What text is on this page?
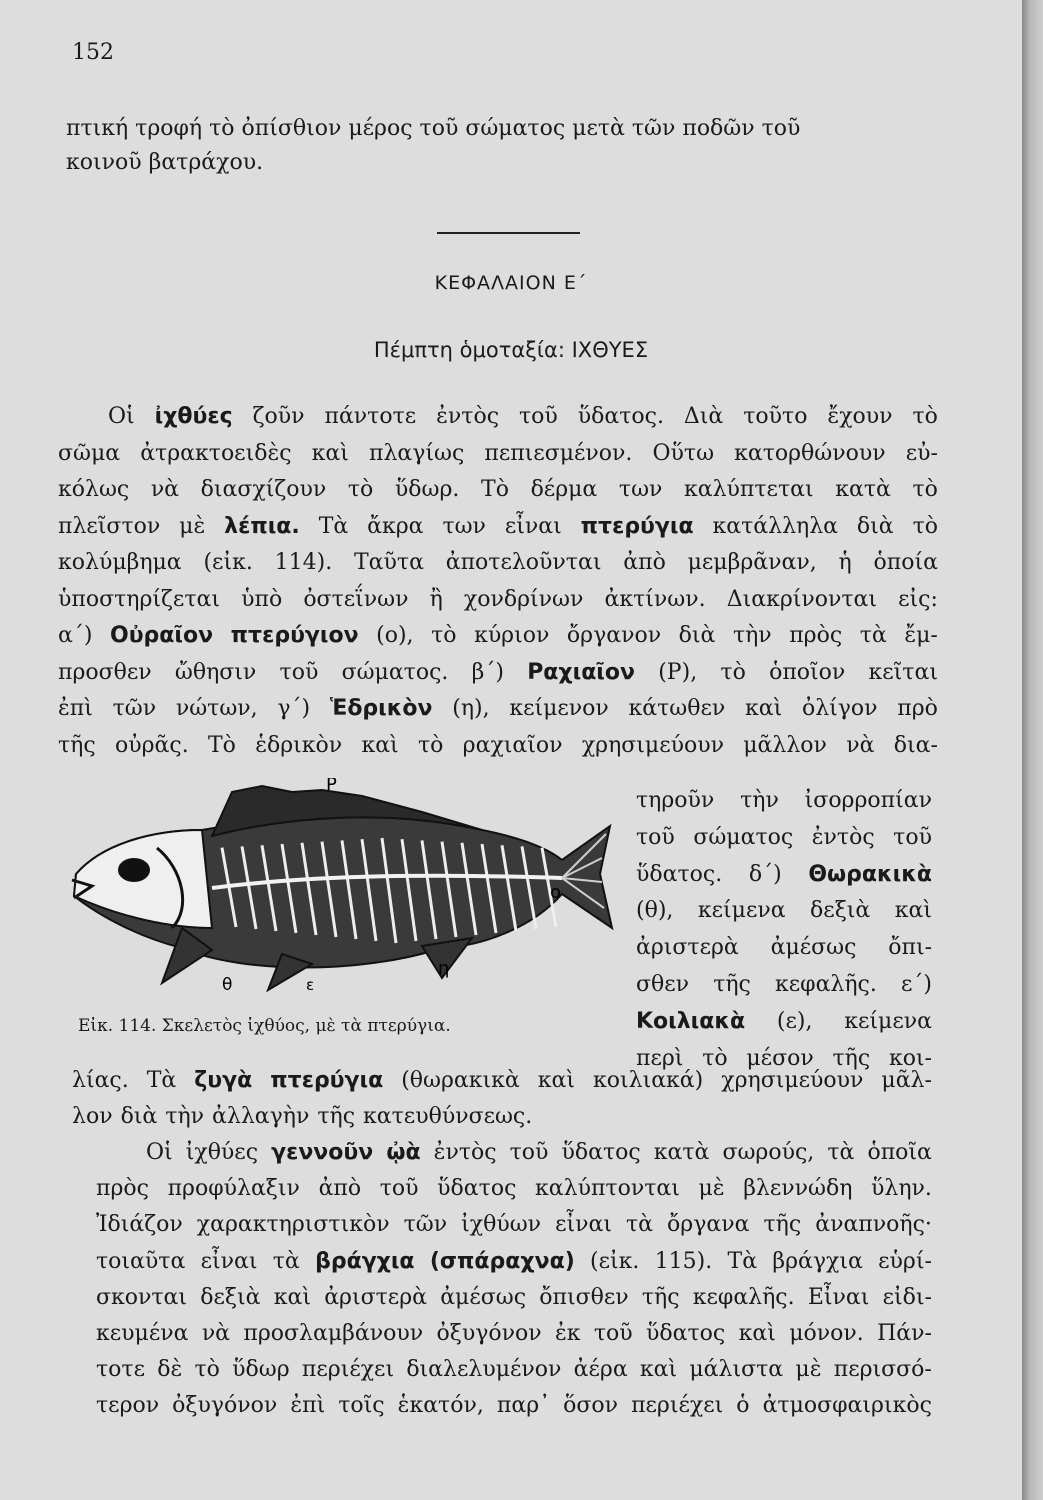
152
πτική τροφή τὸ ὀπίσθιον μέρος τοῦ σώματος μετὰ τῶν ποδῶν τοῦ
κοινοῦ βατράχου.
ΚΕΦΑΛΑΙΟΝ Ε΄
Πέμπτη ὁμοταξία: ΙΧΘΥΕΣ
Οἱ ἰχθύες ζοῦν πάντοτε ἐντὸς τοῦ ὕδατος. Διὰ τοῦτο ἔχουν τὸ
σῶμα ἀτρακτοειδὲς καὶ πλαγίως πεπιεσμένον. Οὕτω κατορθώνουν εὐ-
κόλως νὰ διασχίζουν τὸ ὕδωρ. Τὸ δέρμα των καλύπτεται κατὰ τὸ
πλεῖστον μὲ λέπια. Τὰ ἄκρα των εἶναι πτερύγια κατάλληλα διὰ τὸ
κολύμβημα (εἰκ. 114). Ταῦτα ἀποτελοῦνται ἀπὸ μεμβρᾶναν, ἡ ὁποία
ὑποστηρίζεται ὑπὸ ὀστεΐνων ἢ χονδρίνων ἀκτίνων. Διακρίνονται εἰς:
α΄) Οὐραῖον πτερύγιον (ο), τὸ κύριον ὄργανον διὰ τὴν πρὸς τὰ ἔμ-
προσθεν ὤθησιν τοῦ σώματος. β΄) Ραχιαῖον (Ρ), τὸ ὁποῖον κεῖται
ἐπὶ τῶν νώτων, γ΄) Ἑδρικὸν (η), κείμενον κάτωθεν καὶ ὀλίγον πρὸ
τῆς οὐρᾶς. Τὸ ἑδρικὸν καὶ τὸ ραχιαῖον χρησιμεύουν μᾶλλον νὰ δια-
τηροῦν τὴν ἰσορροπίαν
τοῦ σώματος ἐντὸς τοῦ
ὕδατος. δ΄) Θωρακικὰ
(θ), κείμενα δεξιὰ καὶ
ἀριστερὰ ἀμέσως ὄπι-
σθεν τῆς κεφαλῆς. ε΄)
Κοιλιακὰ (ε), κείμενα
περὶ τὸ μέσον τῆς κοι-
λίας. Τὰ ζυγὰ πτερύγια (θωρακικὰ καὶ κοιλιακά) χρησιμεύουν μᾶλ-
λον διὰ τὴν ἀλλαγὴν τῆς κατευθύνσεως.
Οἱ ἰχθύες γεννοῦν ᾠὰ ἐντὸς τοῦ ὕδατος κατὰ σωρούς, τὰ ὁποῖα
πρὸς προφύλαξιν ἀπὸ τοῦ ὕδατος καλύπτονται μὲ βλεννώδη ὕλην.
Ἰδιάζον χαρακτηριστικὸν τῶν ἰχθύων εἶναι τὰ ὄργανα τῆς ἀναπνοῆς·
τοιαῦτα εἶναι τὰ βράγχια (σπάραχνα) (εἰκ. 115). Τὰ βράγχια εὑρί-
σκονται δεξιὰ καὶ ἀριστερὰ ἀμέσως ὄπισθεν τῆς κεφαλῆς. Εἶναι εἰδι-
κευμένα νὰ προσλαμβάνουν ὀξυγόνον ἐκ τοῦ ὕδατος καὶ μόνον. Πάν-
τοτε δὲ τὸ ὕδωρ περιέχει διαλελυμένον ἀέρα καὶ μάλιστα μὲ περισσό-
τερον ὀξυγόνον ἐπὶ τοῖς ἑκατόν, παρ᾽ ὅσον περιέχει ὁ ἀτμοσφαιρικὸς
Ρ
ο
η
θ	ε
Εἰκ. 114. Σκελετὸς ἰχθύος, μὲ τὰ πτερύγια.
